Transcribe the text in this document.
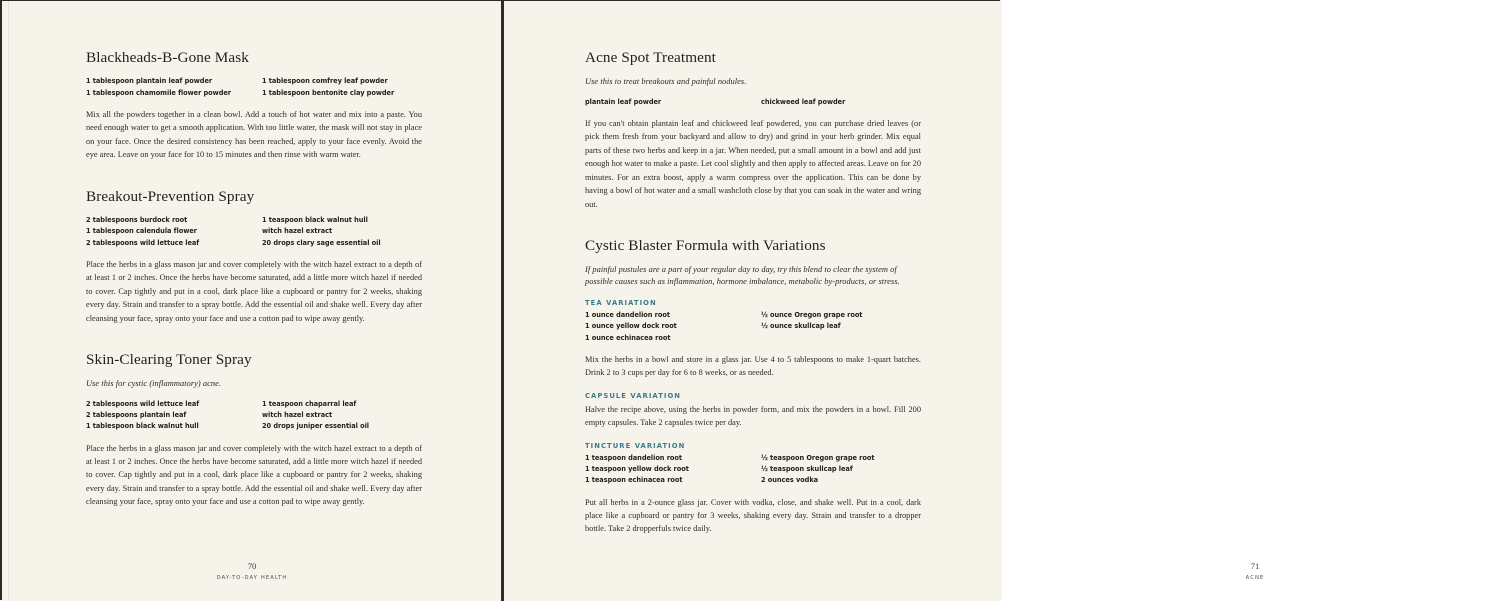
Blackheads-B-Gone Mask
1 tablespoon plantain leaf powder	1 tablespoon comfrey leaf powder
1 tablespoon chamomile flower powder	1 tablespoon bentonite clay powder

Mix all the powders together in a clean bowl. Add a touch of hot water and mix into a paste. You need enough water to get a smooth application. With too little water, the mask will not stay in place on your face. Once the desired consistency has been reached, apply to your face evenly. Avoid the eye area. Leave on your face for 10 to 15 minutes and then rinse with warm water.

Breakout-Prevention Spray
2 tablespoons burdock root	1 teaspoon black walnut hull
1 tablespoon calendula flower	witch hazel extract
2 tablespoons wild lettuce leaf	20 drops clary sage essential oil

Place the herbs in a glass mason jar and cover completely with the witch hazel extract to a depth of at least 1 or 2 inches. Once the herbs have become saturated, add a little more witch hazel if needed to cover. Cap tightly and put in a cool, dark place like a cupboard or pantry for 2 weeks, shaking every day. Strain and transfer to a spray bottle. Add the essential oil and shake well. Every day after cleansing your face, spray onto your face and use a cotton pad to wipe away gently.

Skin-Clearing Toner Spray

Use this for cystic (inflammatory) acne.

2 tablespoons wild lettuce leaf	1 teaspoon chaparral leaf
2 tablespoons plantain leaf	witch hazel extract
1 tablespoon black walnut hull	20 drops juniper essential oil

Place the herbs in a glass mason jar and cover completely with the witch hazel extract to a depth of at least 1 or 2 inches. Once the herbs have become saturated, add a little more witch hazel if needed to cover. Cap tightly and put in a cool, dark place like a cupboard or pantry for 2 weeks, shaking every day. Strain and transfer to a spray bottle. Add the essential oil and shake well. Every day after cleansing your face, spray onto your face and use a cotton pad to wipe away gently.

70
DAY-TO-DAY HEALTH
Acne Spot Treatment

Use this to treat breakouts and painful nodules.

plantain leaf powder	chickweed leaf powder

If you can't obtain plantain leaf and chickweed leaf powdered, you can purchase dried leaves (or pick them fresh from your backyard and allow to dry) and grind in your herb grinder. Mix equal parts of these two herbs and keep in a jar. When needed, put a small amount in a bowl and add just enough hot water to make a paste. Let cool slightly and then apply to affected areas. Leave on for 20 minutes. For an extra boost, apply a warm compress over the application. This can be done by having a bowl of hot water and a small washcloth close by that you can soak in the water and wring out.

Cystic Blaster Formula with Variations

If painful pustules are a part of your regular day to day, try this blend to clear the system of possible causes such as inflammation, hormone imbalance, metabolic by-products, or stress.

TEA VARIATION
1 ounce dandelion root	½ ounce Oregon grape root
1 ounce yellow dock root	½ ounce skullcap leaf
1 ounce echinacea root

Mix the herbs in a bowl and store in a glass jar. Use 4 to 5 tablespoons to make 1-quart batches. Drink 2 to 3 cups per day for 6 to 8 weeks, or as needed.

CAPSULE VARIATION

Halve the recipe above, using the herbs in powder form, and mix the powders in a bowl. Fill 200 empty capsules. Take 2 capsules twice per day.

TINCTURE VARIATION
1 teaspoon dandelion root	½ teaspoon Oregon grape root
1 teaspoon yellow dock root	½ teaspoon skullcap leaf
1 teaspoon echinacea root	2 ounces vodka

Put all herbs in a 2-ounce glass jar. Cover with vodka, close, and shake well. Put in a cool, dark place like a cupboard or pantry for 3 weeks, shaking every day. Strain and transfer to a dropper bottle. Take 2 dropperfuls twice daily.

71
ACNE
